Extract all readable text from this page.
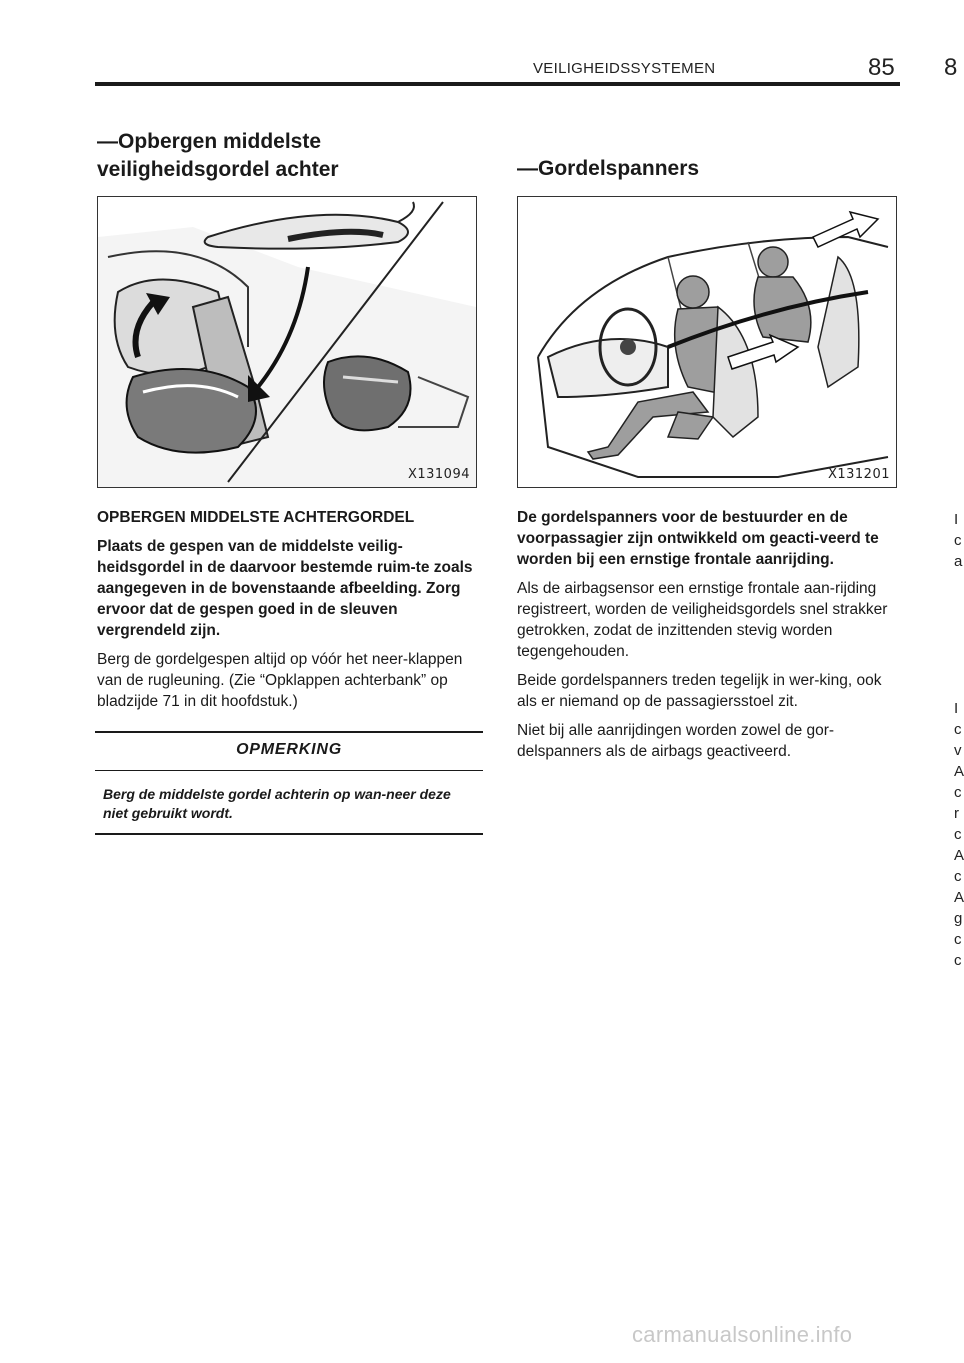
VEILIGHEIDSSYSTEMEN	85 8
—Opbergen middelste veiligheidsgordel achter
X131094

OPBERGEN MIDDELSTE ACHTERGORDEL

Plaats de gespen van de middelste veilig-heidsgordel in de daarvoor bestemde ruim-te zoals aangegeven in de bovenstaande afbeelding. Zorg ervoor dat de gespen goed in de sleuven vergrendeld zijn.

Berg de gordelgespen altijd op vóór het neer-klappen van de rugleuning. (Zie “Opklappen achterbank” op bladzijde 71 in dit hoofdstuk.)

OPMERKING
Berg de middelste gordel achterin op wan-neer deze niet gebruikt wordt.
—Gordelspanners
X131201

De gordelspanners voor de bestuurder en de voorpassagier zijn ontwikkeld om geacti-veerd te worden bij een ernstige frontale aanrijding.

Als de airbagsensor een ernstige frontale aan-rijding registreert, worden de veiligheidsgordels snel strakker getrokken, zodat de inzittenden stevig worden tegengehouden.

Beide gordelspanners treden tegelijk in wer-king, ook als er niemand op de passagiersstoel zit.

Niet bij alle aanrijdingen worden zowel de gor-delspanners als de airbags geactiveerd.

I
c
a
I
c
v
A
c
r
c
A
c
A
g
c
c
carmanualsonline.info
